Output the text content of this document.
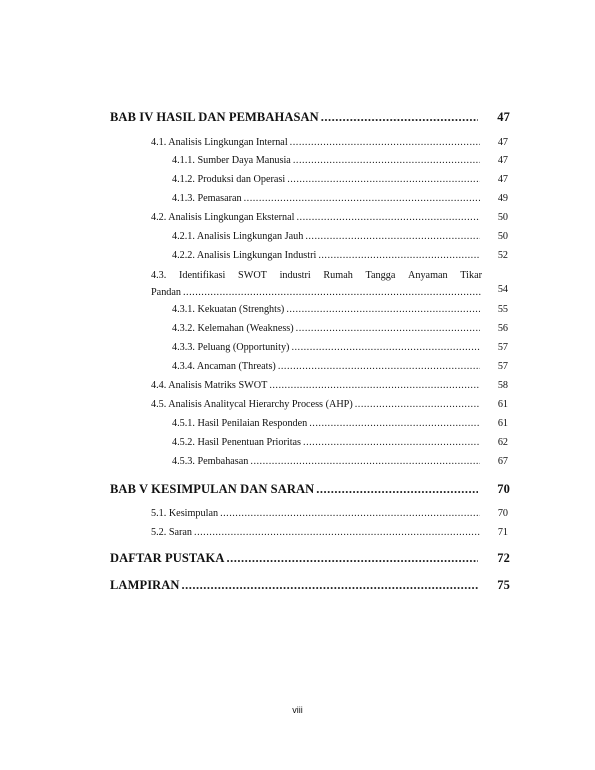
BAB IV HASIL DAN PEMBAHASAN .....	47
4.1. Analisis Lingkungan Internal .....	47
4.1.1. Sumber Daya Manusia .....	47
4.1.2. Produksi dan Operasi .....	47
4.1.3. Pemasaran .....	49
4.2. Analisis Lingkungan Eksternal .....	50
4.2.1. Analisis Lingkungan Jauh .....	50
4.2.2. Analisis Lingkungan Industri .....	52
4.3. Identifikasi SWOT industri Rumah Tangga Anyaman Tikar
Pandan .....	54
4.3.1. Kekuatan (Strenghts) .....	55
4.3.2. Kelemahan (Weakness) .....	56
4.3.3. Peluang (Opportunity) .....	57
4.3.4. Ancaman (Threats) .....	57
4.4. Analisis Matriks SWOT .....	58
4.5. Analisis Analitycal Hierarchy Process (AHP) .....	61
4.5.1. Hasil Penilaian Responden .....	61
4.5.2. Hasil Penentuan Prioritas .....	62
4.5.3. Pembahasan .....	67
BAB V KESIMPULAN DAN SARAN .....	70
5.1. Kesimpulan .....	70
5.2. Saran .....	71
DAFTAR PUSTAKA .....	72
LAMPIRAN .....	75
viii
